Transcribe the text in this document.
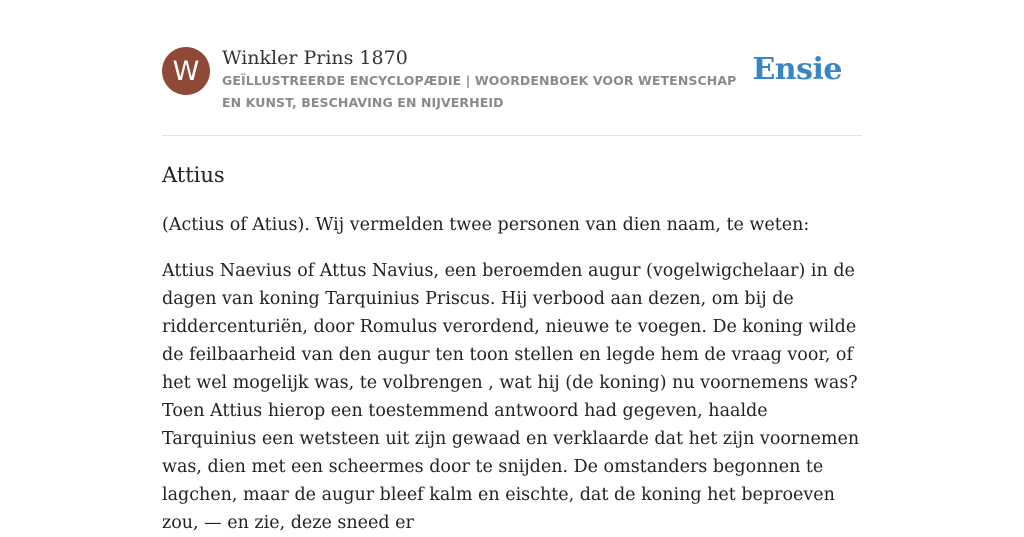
W	Winkler Prins 1870
GEÏLLUSTREERDE ENCYCLOPÆDIE | WOORDENBOEK VOOR WETENSCHAP EN KUNST, BESCHAVING EN NIJVERHEID
Ensie
Attius

(Actius of Atius). Wij vermelden twee personen van dien naam, te weten:

Attius Naevius of Attus Navius, een beroemden augur (vogelwigchelaar) in de dagen van koning Tarquinius Priscus. Hij verbood aan dezen, om bij de riddercenturiën, door Romulus verordend, nieuwe te voegen. De koning wilde de feilbaarheid van den augur ten toon stellen en legde hem de vraag voor, of het wel mogelijk was, te volbrengen , wat hij (de koning) nu voornemens was? Toen Attius hierop een toestemmend antwoord had gegeven, haalde Tarquinius een wetsteen uit zijn gewaad en verklaarde dat het zijn voornemen was, dien met een scheermes door te snijden. De omstanders begonnen te lagchen, maar de augur bleef kalm en eischte, dat de koning het beproeven zou, — en zie, deze sneed er
